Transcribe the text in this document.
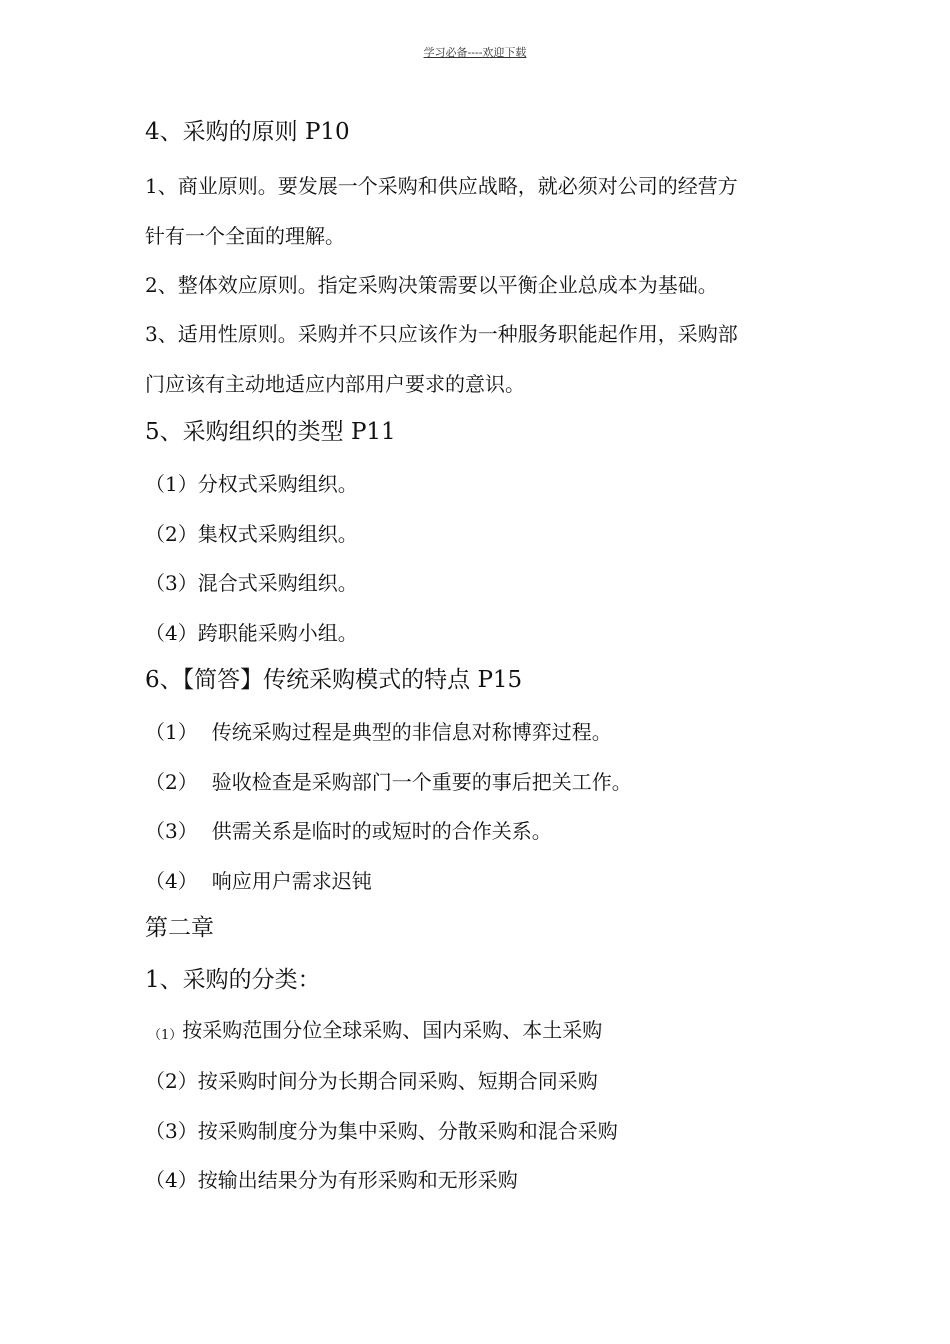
学习必备----欢迎下载
4、采购的原则 P10
1、商业原则。要发展一个采购和供应战略，就必须对公司的经营方
针有一个全面的理解。
2、整体效应原则。指定采购决策需要以平衡企业总成本为基础。
3、适用性原则。采购并不只应该作为一种服务职能起作用，采购部
门应该有主动地适应内部用户要求的意识。
5、采购组织的类型 P11
（1）分权式采购组织。
（2）集权式采购组织。
（3）混合式采购组织。
（4）跨职能采购小组。
6、【简答】传统采购模式的特点 P15
（1） 传统采购过程是典型的非信息对称博弈过程。
（2） 验收检查是采购部门一个重要的事后把关工作。
（3） 供需关系是临时的或短时的合作关系。
（4） 响应用户需求迟钝
第二章
1、采购的分类：
（1）按采购范围分位全球采购、国内采购、本土采购
（2）按采购时间分为长期合同采购、短期合同采购
（3）按采购制度分为集中采购、分散采购和混合采购
（4）按输出结果分为有形采购和无形采购
